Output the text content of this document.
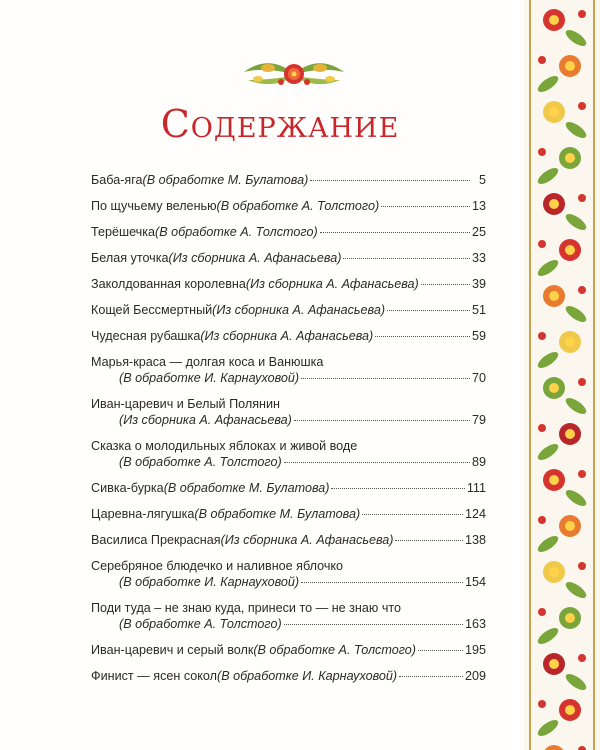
Содержание
Баба-яга (В обработке М. Булатова)	5
По щучьему веленью (В обработке А. Толстого)	13
Терёшечка (В обработке А. Толстого)	25
Белая уточка (Из сборника А. Афанасьева)	33
Заколдованная королевна (Из сборника А. Афанасьева)	39
Кощей Бессмертный (Из сборника А. Афанасьева)	51
Чудесная рубашка (Из сборника А. Афанасьева)	59
Марья-краса — долгая коса и Ванюшка
(В обработке И. Карнауховой)	70
Иван-царевич и Белый Полянин
(Из сборника А. Афанасьева)	79
Сказка о молодильных яблоках и живой воде
(В обработке А. Толстого)	89
Сивка-бурка (В обработке М. Булатова)	111
Царевна-лягушка (В обработке М. Булатова)	124
Василиса Прекрасная (Из сборника А. Афанасьева)	138
Серебряное блюдечко и наливное яблочко
(В обработке И. Карнауховой)	154
Поди туда – не знаю куда, принеси то — не знаю что
(В обработке А. Толстого)	163
Иван-царевич и серый волк (В обработке А. Толстого)	195
Финист — ясен сокол (В обработке И. Карнауховой)	209
